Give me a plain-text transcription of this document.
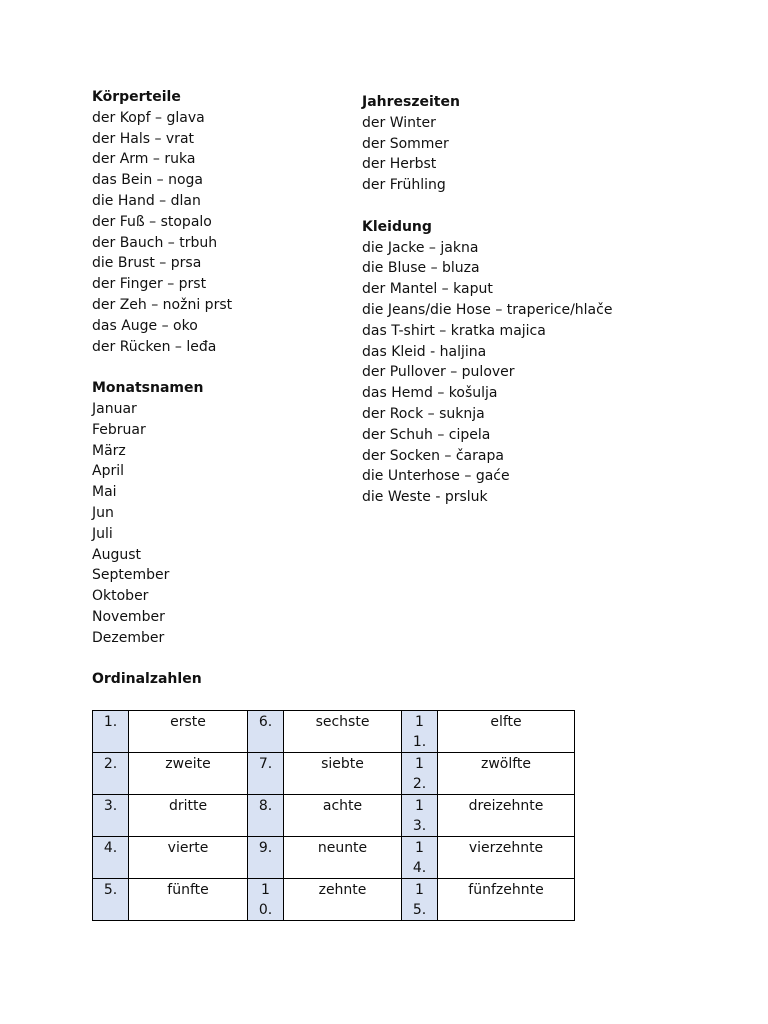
Körperteile

der Kopf – glava

der Hals – vrat

der Arm – ruka

das Bein – noga

die Hand – dlan

der Fuß – stopalo

der Bauch – trbuh

die Brust – prsa

der Finger – prst

der Zeh – nožni prst

das Auge – oko

der Rücken – leđa

Monatsnamen

Januar

Februar

März

April

Mai

Jun

Juli

August

September

Oktober

November

Dezember

Jahreszeiten

der Winter

der Sommer

der Herbst

der Frühling

Kleidung

die Jacke – jakna

die Bluse – bluza

der Mantel – kaput

die Jeans/die Hose – traperice/hlače

das T-shirt – kratka majica

das Kleid - haljina

der Pullover – pulover

das Hemd – košulja

der Rock – suknja

der Schuh – cipela

der Socken – čarapa

die Unterhose – gaće

die Weste - prsluk

Ordinalzahlen
1.	erste	6.	sechste	11.	elfte

2.	zweite	7.	siebte	12.	zwölfte

3.	dritte	8.	achte	13.	dreizehnte

4.	vierte	9.	neunte	14.	vierzehnte

5.	fünfte	10.	zehnte	15.	fünfzehnte
